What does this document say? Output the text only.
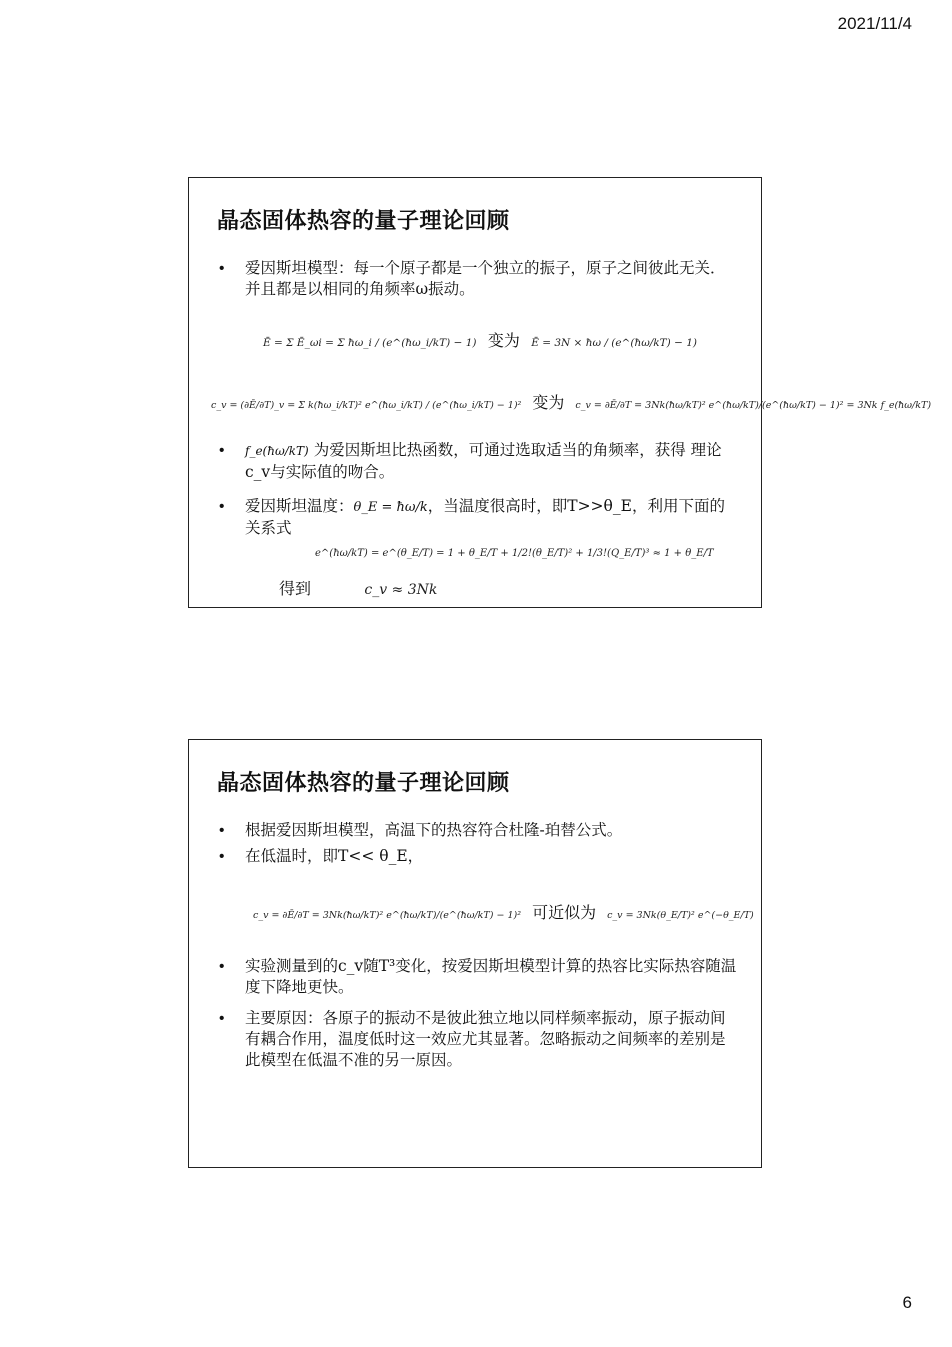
2021/11/4
晶态固体热容的量子理论回顾
•	爱因斯坦模型：每一个原子都是一个独立的振子，原子之间彼此无关．并且都是以相同的角频率ω振动。
Ē = Σ Ē_ωi = Σ ħω_i / (e^(ħω_i/kT) − 1) 变为 Ē = 3N × ħω / (e^(ħω/kT) − 1)
c_v = (∂Ē/∂T)_v = Σ k(ħω_i/kT)² e^(ħω_i/kT) / (e^(ħω_i/kT) − 1)² 变为 c_v = ∂Ē/∂T = 3Nk(ħω/kT)² e^(ħω/kT)/(e^(ħω/kT) − 1)² = 3Nk f_e(ħω/kT)
•	f_e(ħω/kT) 为爱因斯坦比热函数，可通过选取适当的角频率，获得 理论c_v与实际值的吻合。
•	爱因斯坦温度：θ_E = ħω/k，当温度很高时，即T>>θ_E，利用下面的关系式
e^(ħω/kT) = e^(θ_E/T) = 1 + θ_E/T + 1/2!(θ_E/T)² + 1/3!(Q_E/T)³ ≈ 1 + θ_E/T
得到	c_v ≈ 3Nk
晶态固体热容的量子理论回顾
•	根据爱因斯坦模型，高温下的热容符合杜隆-珀替公式。
•	在低温时，即T<< θ_E，
c_v = ∂Ē/∂T = 3Nk(ħω/kT)² e^(ħω/kT)/(e^(ħω/kT) − 1)² 可近似为 c_v = 3Nk(θ_E/T)² e^(−θ_E/T)
•	实验测量到的c_v随T³变化，按爱因斯坦模型计算的热容比实际热容随温度下降地更快。
•	主要原因：各原子的振动不是彼此独立地以同样频率振动，原子振动间有耦合作用，温度低时这一效应尤其显著。忽略振动之间频率的差别是此模型在低温不准的另一原因。
6
